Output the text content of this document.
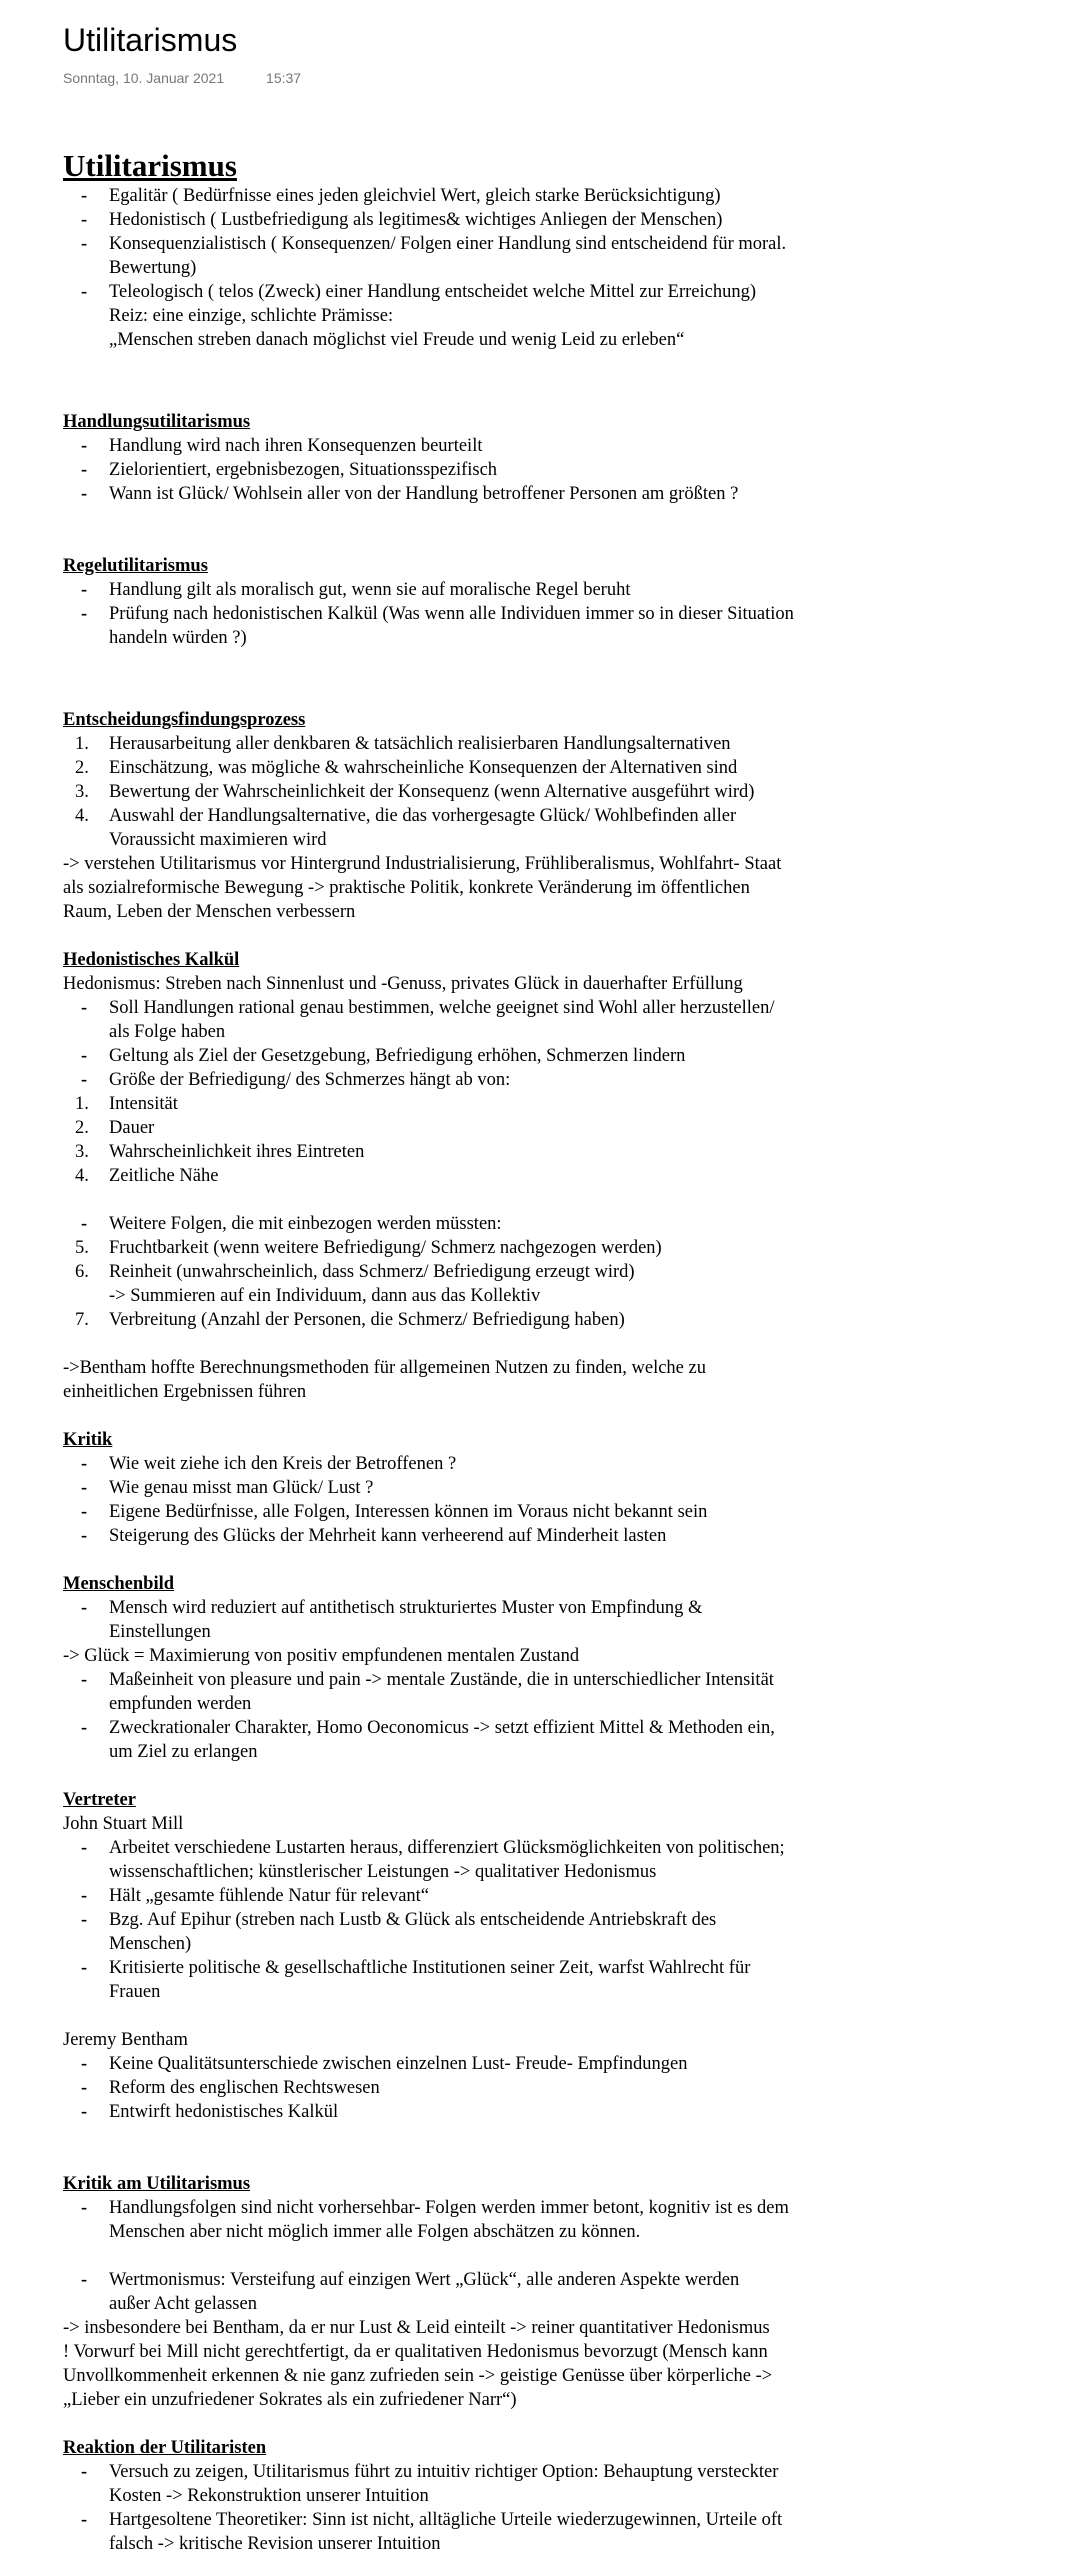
Utilitarismus
Sonntag, 10. Januar 2021	15:37
Utilitarismus
- Egalitär ( Bedürfnisse eines jeden gleichviel Wert, gleich starke Berücksichtigung)
- Hedonistisch ( Lustbefriedigung als legitimes& wichtiges Anliegen der Menschen)
- Konsequenzialistisch ( Konsequenzen/ Folgen einer Handlung sind entscheidend für moral.
Bewertung)
- Teleologisch ( telos (Zweck) einer Handlung entscheidet welche Mittel zur Erreichung)
Reiz: eine einzige, schlichte Prämisse:
„Menschen streben danach möglichst viel Freude und wenig Leid zu erleben“
Handlungsutilitarismus
- Handlung wird nach ihren Konsequenzen beurteilt
- Zielorientiert, ergebnisbezogen, Situationsspezifisch
- Wann ist Glück/ Wohlsein aller von der Handlung betroffener Personen am größten ?
Regelutilitarismus
- Handlung gilt als moralisch gut, wenn sie auf moralische Regel beruht
- Prüfung nach hedonistischen Kalkül (Was wenn alle Individuen immer so in dieser Situation
handeln würden ?)
Entscheidungsfindungsprozess
1. Herausarbeitung aller denkbaren & tatsächlich realisierbaren Handlungsalternativen
2. Einschätzung, was mögliche & wahrscheinliche Konsequenzen der Alternativen sind
3. Bewertung der Wahrscheinlichkeit der Konsequenz (wenn Alternative ausgeführt wird)
4. Auswahl der Handlungsalternative, die das vorhergesagte Glück/ Wohlbefinden aller
Voraussicht maximieren wird
-> verstehen Utilitarismus vor Hintergrund Industrialisierung, Frühliberalismus, Wohlfahrt- Staat
als sozialreformische Bewegung -> praktische Politik, konkrete Veränderung im öffentlichen
Raum, Leben der Menschen verbessern
Hedonistisches Kalkül
Hedonismus: Streben nach Sinnenlust und -Genuss, privates Glück in dauerhafter Erfüllung
- Soll Handlungen rational genau bestimmen, welche geeignet sind Wohl aller herzustellen/
als Folge haben
- Geltung als Ziel der Gesetzgebung, Befriedigung erhöhen, Schmerzen lindern
- Größe der Befriedigung/ des Schmerzes hängt ab von:
1. Intensität
2. Dauer
3. Wahrscheinlichkeit ihres Eintreten
4. Zeitliche Nähe
- Weitere Folgen, die mit einbezogen werden müssten:
5. Fruchtbarkeit (wenn weitere Befriedigung/ Schmerz nachgezogen werden)
6. Reinheit (unwahrscheinlich, dass Schmerz/ Befriedigung erzeugt wird)
-> Summieren auf ein Individuum, dann aus das Kollektiv
7. Verbreitung (Anzahl der Personen, die Schmerz/ Befriedigung haben)
->Bentham hoffte Berechnungsmethoden für allgemeinen Nutzen zu finden, welche zu
einheitlichen Ergebnissen führen
Kritik
- Wie weit ziehe ich den Kreis der Betroffenen ?
- Wie genau misst man Glück/ Lust ?
- Eigene Bedürfnisse, alle Folgen, Interessen können im Voraus nicht bekannt sein
- Steigerung des Glücks der Mehrheit kann verheerend auf Minderheit lasten
Menschenbild
- Mensch wird reduziert auf antithetisch strukturiertes Muster von Empfindung &
Einstellungen
-> Glück = Maximierung von positiv empfundenen mentalen Zustand
- Maßeinheit von pleasure und pain -> mentale Zustände, die in unterschiedlicher Intensität
empfunden werden
- Zweckrationaler Charakter, Homo Oeconomicus -> setzt effizient Mittel & Methoden ein,
um Ziel zu erlangen
Vertreter
John Stuart Mill
- Arbeitet verschiedene Lustarten heraus, differenziert Glücksmöglichkeiten von politischen;
wissenschaftlichen; künstlerischer Leistungen -> qualitativer Hedonismus
- Hält „gesamte fühlende Natur für relevant“
- Bzg. Auf Epihur (streben nach Lustb & Glück als entscheidende Antriebskraft des
Menschen)
- Kritisierte politische & gesellschaftliche Institutionen seiner Zeit, warfst Wahlrecht für
Frauen
Jeremy Bentham
- Keine Qualitätsunterschiede zwischen einzelnen Lust- Freude- Empfindungen
- Reform des englischen Rechtswesen
- Entwirft hedonistisches Kalkül
Kritik am Utilitarismus
- Handlungsfolgen sind nicht vorhersehbar- Folgen werden immer betont, kognitiv ist es dem
Menschen aber nicht möglich immer alle Folgen abschätzen zu können.
- Wertmonismus: Versteifung auf einzigen Wert „Glück“, alle anderen Aspekte werden
außer Acht gelassen
-> insbesondere bei Bentham, da er nur Lust & Leid einteilt -> reiner quantitativer Hedonismus
! Vorwurf bei Mill nicht gerechtfertigt, da er qualitativen Hedonismus bevorzugt (Mensch kann
Unvollkommenheit erkennen & nie ganz zufrieden sein -> geistige Genüsse über körperliche ->
„Lieber ein unzufriedener Sokrates als ein zufriedener Narr“)
Reaktion der Utilitaristen
- Versuch zu zeigen, Utilitarismus führt zu intuitiv richtiger Option: Behauptung versteckter
Kosten -> Rekonstruktion unserer Intuition
- Hartgesoltene Theoretiker: Sinn ist nicht, alltägliche Urteile wiederzugewinnen, Urteile oft
falsch -> kritische Revision unserer Intuition
